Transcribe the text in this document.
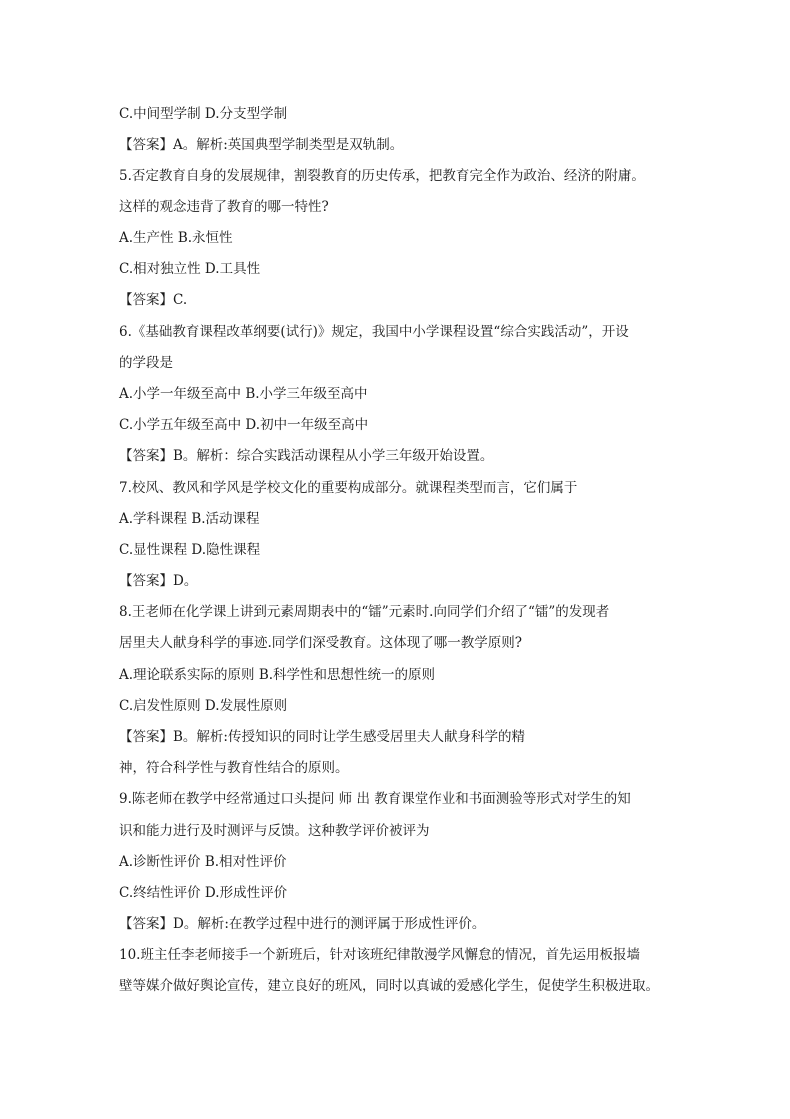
C.中间型学制 D.分支型学制
【答案】A。解析:英国典型学制类型是双轨制。
5.否定教育自身的发展规律，割裂教育的历史传承，把教育完全作为政治、经济的附庸。
这样的观念违背了教育的哪一特性?
A.生产性 B.永恒性
C.相对独立性 D.工具性
【答案】C.
6.《基础教育课程改革纲要(试行)》规定，我国中小学课程设置“综合实践活动”，开设
的学段是
A.小学一年级至高中 B.小学三年级至高中
C.小学五年级至高中 D.初中一年级至高中
【答案】B。解析：综合实践活动课程从小学三年级开始设置。
7.校风、教风和学风是学校文化的重要构成部分。就课程类型而言，它们属于
A.学科课程 B.活动课程
C.显性课程 D.隐性课程
【答案】D。
8.王老师在化学课上讲到元素周期表中的“镭”元素时.向同学们介绍了“镭”的发现者
居里夫人献身科学的事迹.同学们深受教育。这体现了哪一教学原则?
A.理论联系实际的原则 B.科学性和思想性统一的原则
C.启发性原则 D.发展性原则
【答案】B。解析:传授知识的同时让学生感受居里夫人献身科学的精
神，符合科学性与教育性结合的原则。
9.陈老师在教学中经常通过口头提问 师 出 教育课堂作业和书面测验等形式对学生的知
识和能力进行及时测评与反馈。这种教学评价被评为
A.诊断性评价 B.相对性评价
C.终结性评价 D.形成性评价
【答案】D。解析:在教学过程中进行的测评属于形成性评价。
10.班主任李老师接手一个新班后，针对该班纪律散漫学风懈怠的情况，首先运用板报墙
壁等媒介做好舆论宣传，建立良好的班风，同时以真诚的爱感化学生，促使学生积极进取。
